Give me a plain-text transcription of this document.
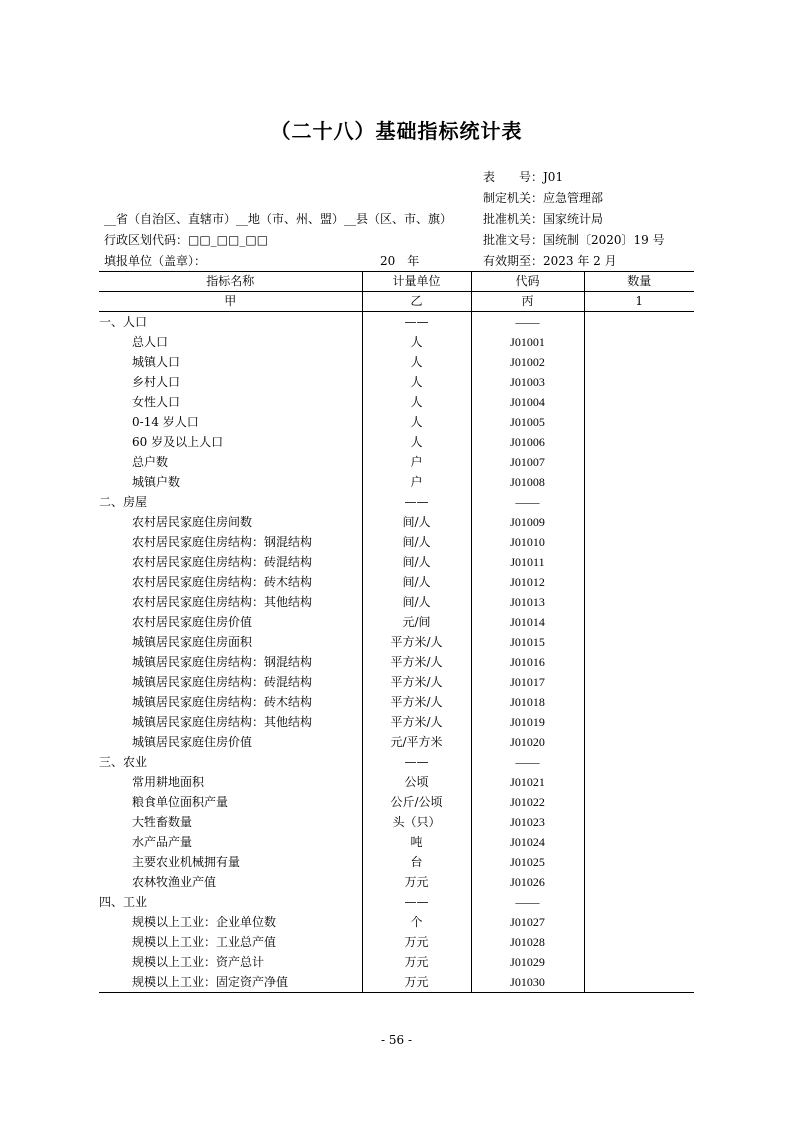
（二十八）基础指标统计表
表　　号：J01
制定机关：应急管理部
批准机关：国家统计局
批准文号：国统制〔2020〕19 号
有效期至：2023 年 2 月
__省（自治区、直辖市）__地（市、州、盟）__县（区、市、旗）
行政区划代码：□□_□□_□□
填报单位（盖章）：	20　年
指标名称	计量单位	代码	数量
甲	乙	丙	1
一、人口	——	——	
总人口	人	J01001	
城镇人口	人	J01002	
乡村人口	人	J01003	
女性人口	人	J01004	
0-14 岁人口	人	J01005	
60 岁及以上人口	人	J01006	
总户数	户	J01007	
城镇户数	户	J01008	
二、房屋	——	——	
农村居民家庭住房间数	间/人	J01009	
农村居民家庭住房结构：钢混结构	间/人	J01010	
农村居民家庭住房结构：砖混结构	间/人	J01011	
农村居民家庭住房结构：砖木结构	间/人	J01012	
农村居民家庭住房结构：其他结构	间/人	J01013	
农村居民家庭住房价值	元/间	J01014	
城镇居民家庭住房面积	平方米/人	J01015	
城镇居民家庭住房结构：钢混结构	平方米/人	J01016	
城镇居民家庭住房结构：砖混结构	平方米/人	J01017	
城镇居民家庭住房结构：砖木结构	平方米/人	J01018	
城镇居民家庭住房结构：其他结构	平方米/人	J01019	
城镇居民家庭住房价值	元/平方米	J01020	
三、农业	——	——	
常用耕地面积	公顷	J01021	
粮食单位面积产量	公斤/公顷	J01022	
大牲畜数量	头（只）	J01023	
水产品产量	吨	J01024	
主要农业机械拥有量	台	J01025	
农林牧渔业产值	万元	J01026	
四、工业	——	——	
规模以上工业：企业单位数	个	J01027	
规模以上工业：工业总产值	万元	J01028	
规模以上工业：资产总计	万元	J01029	
规模以上工业：固定资产净值	万元	J01030	
- 56 -
